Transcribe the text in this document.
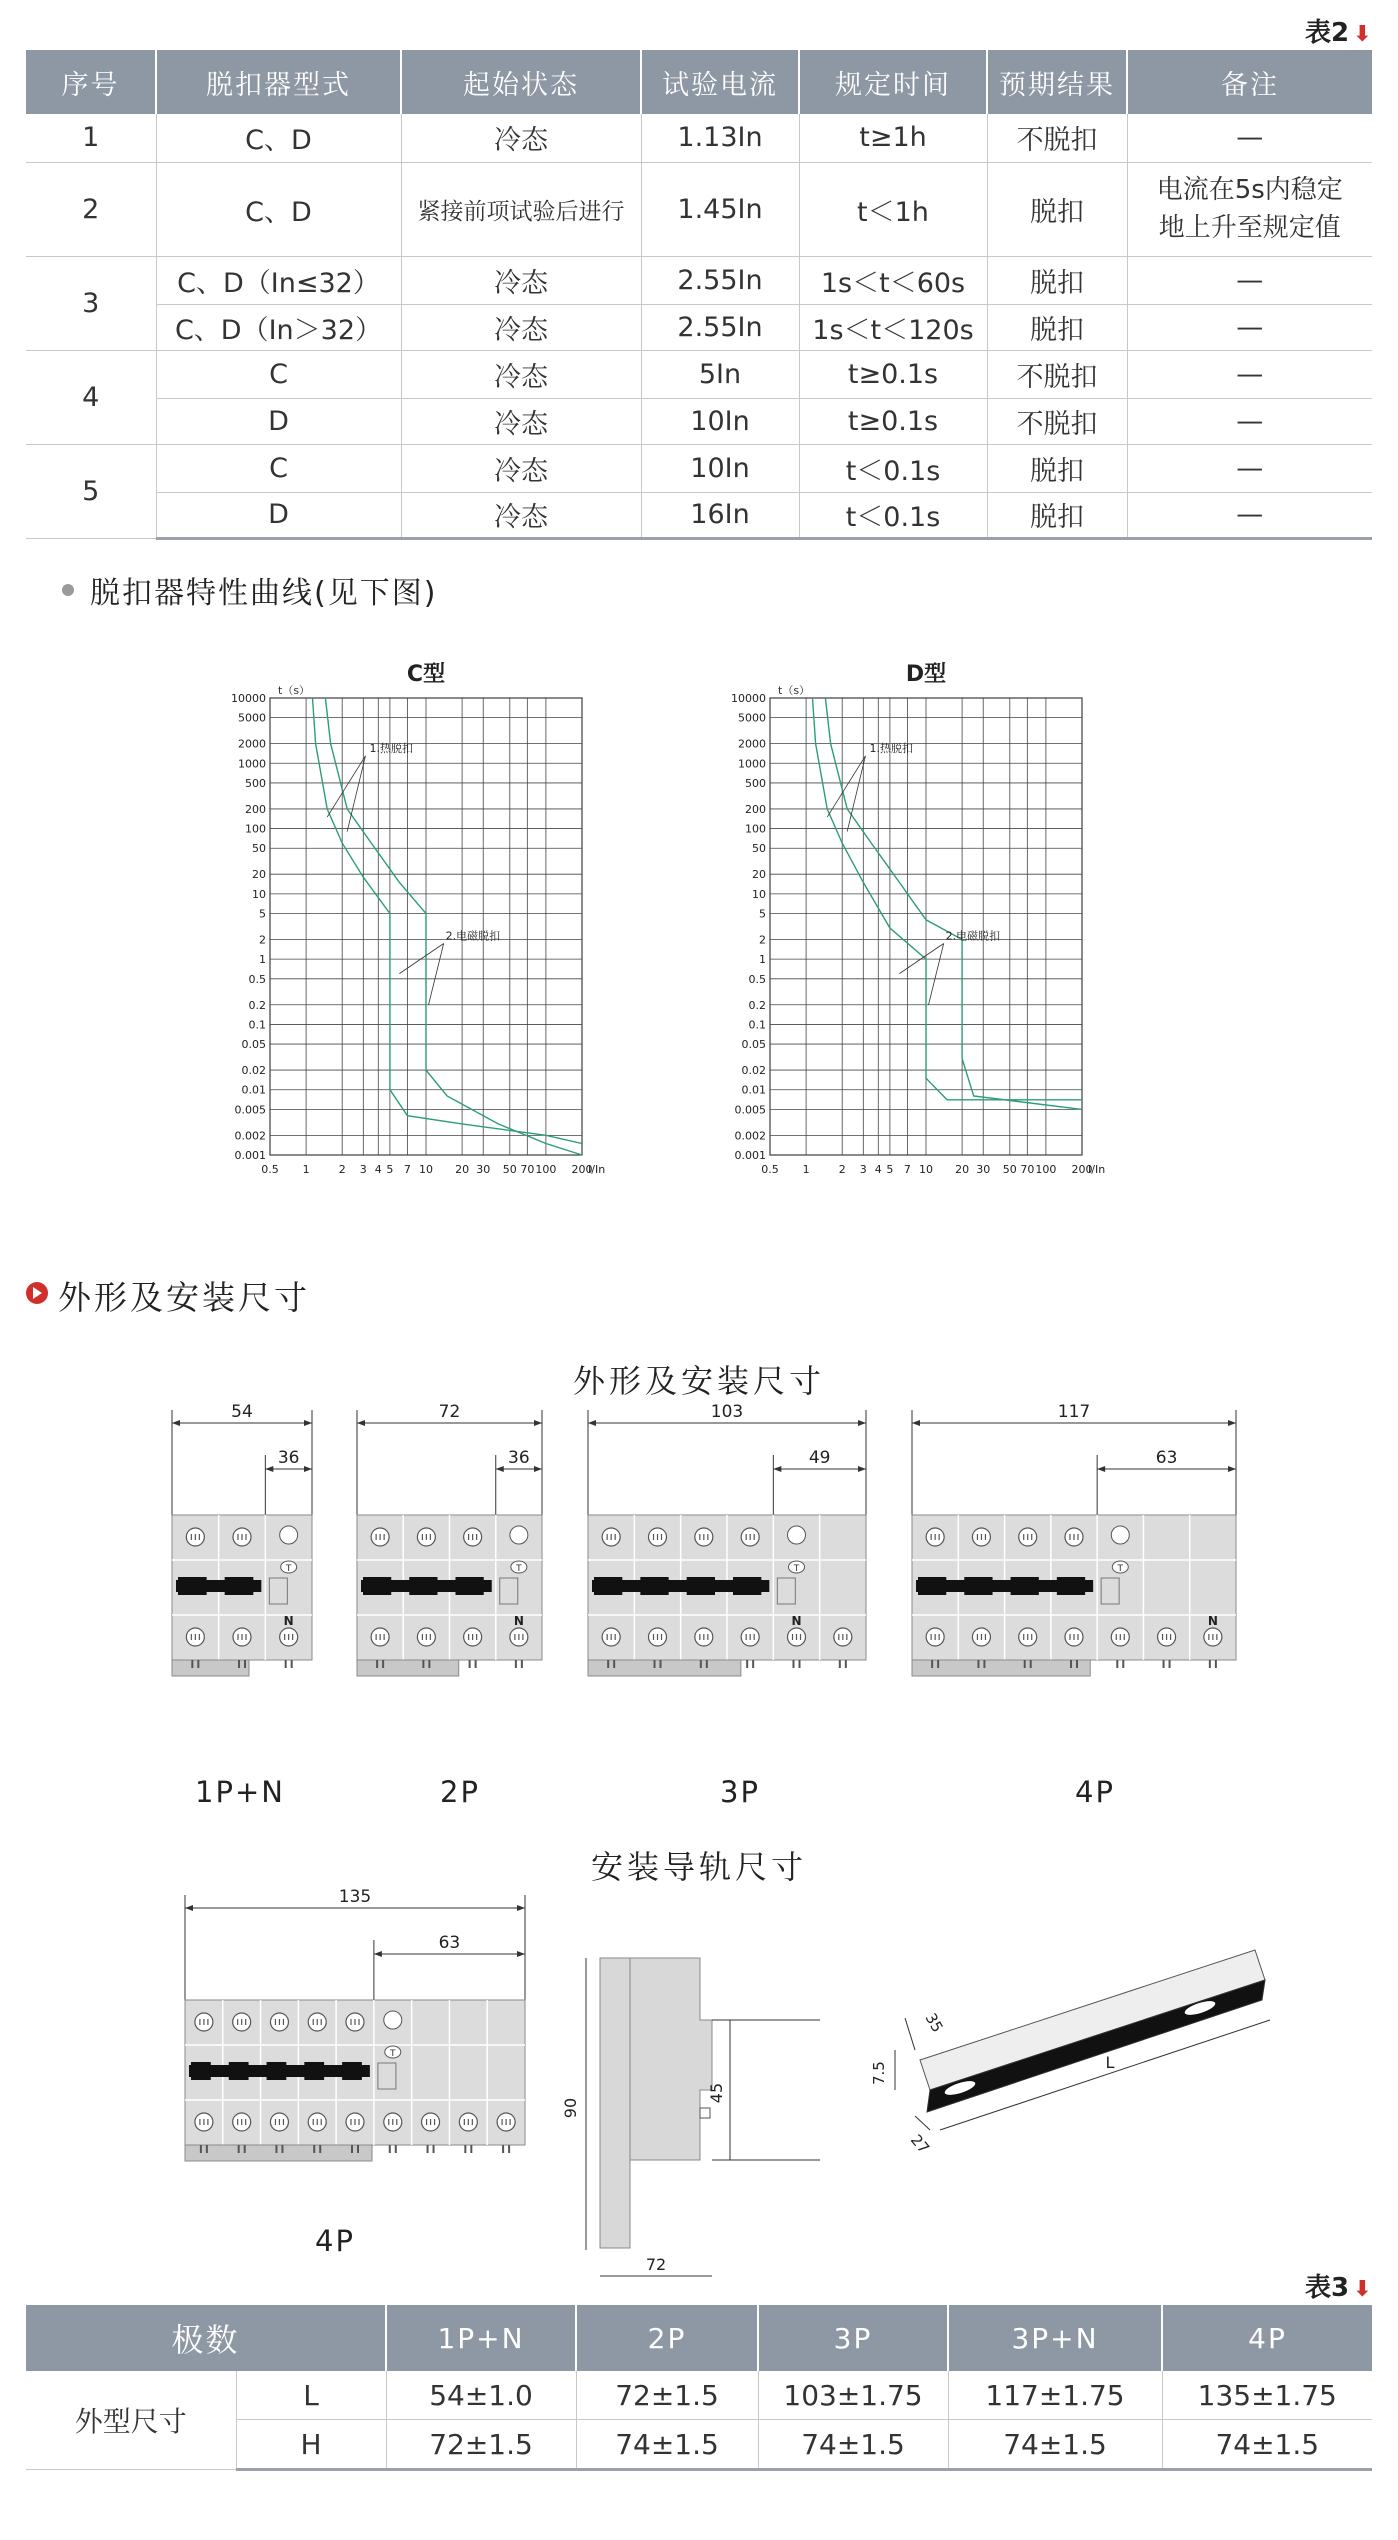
表2 ⬇
序号	脱扣器型式	起始状态	试验电流	规定时间	预期结果	备注
1	C、D	冷态	1.13In	t≥1h	不脱扣	—
2	C、D	紧接前项试验后进行	1.45In	t＜1h	脱扣	电流在5s内稳定
地上升至规定值

3	C、D（In≤32）	冷态	2.55In	1s＜t＜60s	脱扣	—
	C、D（In＞32）	冷态	2.55In	1s＜t＜120s	脱扣	—
4	C	冷态	5In	t≥0.1s	不脱扣	—
	D	冷态	10In	t≥0.1s	不脱扣	—
5	C	冷态	10In	t＜0.1s	脱扣	—
	D	冷态	16In	t＜0.1s	脱扣	—
脱扣器特性曲线(见下图)
C型
t（s）
10000
5000
2000
1000
500
200
100
50
20
10
5
2
1
0.5
0.2
0.1
0.05
0.02
0.01
0.005
0.002
0.001
0.5 1	2 3 4 5 7 10 20 30 50 70 100 200
I/In
1.热脱扣
2.电磁脱扣
D型
t（s）
10000
5000
2000
1000
500
200
100
50
20
10
5
2
1
0.5
0.2
0.1
0.05
0.02
0.01
0.005
0.002
0.001
0.5 1	2 3 4 5 7 10 20 30 50 70 100 200
I/In
1.热脱扣
2.电磁脱扣
外形及安装尺寸
外形及安装尺寸
54
36
T
N
72
36
T
N
103
49
T
N
117
63
T
N
1P+N	2P	3P	4P
安装导轨尺寸
135
63
T
90
45
72
L
35
7.5
27
4P
表3 ⬇
极数		1P+N	2P	3P	3P+N	4P
外型尺寸	L	54±1.0	72±1.5	103±1.75	117±1.75	135±1.75
	H	72±1.5	74±1.5	74±1.5	74±1.5	74±1.5
